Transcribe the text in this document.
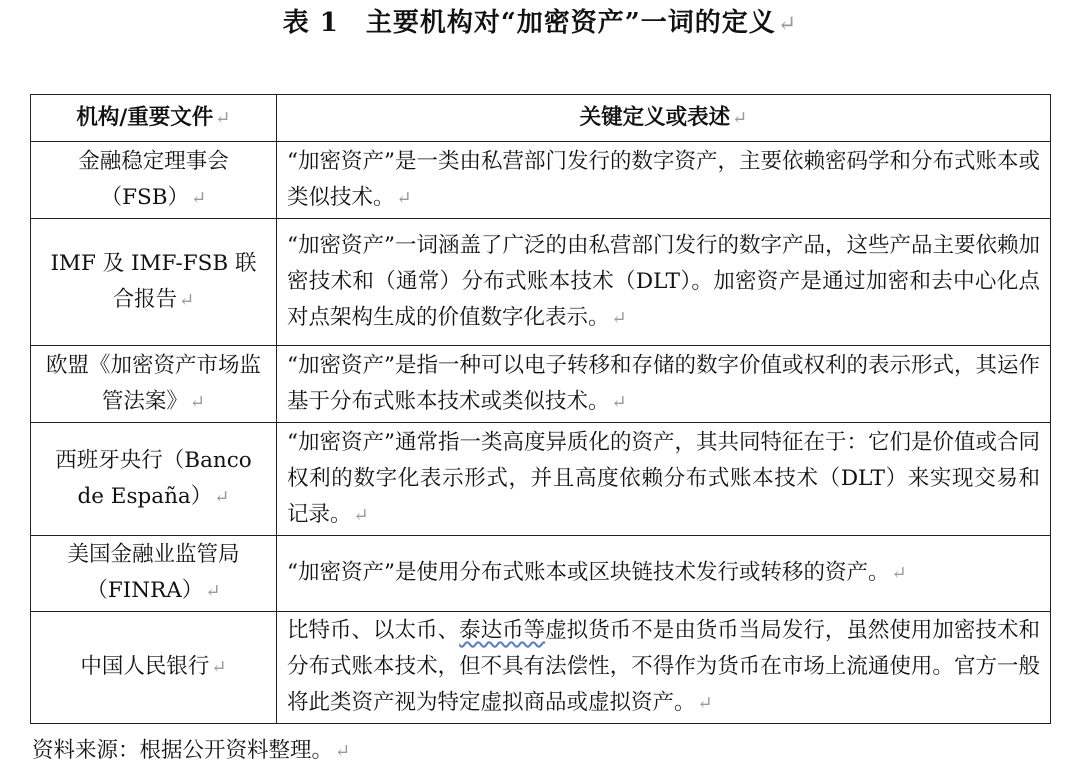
表 1　主要机构对“加密资产”一词的定义↵
机构/重要文件 ↵	关键定义或表述 ↵
金融稳定理事会（FSB） ↵	“加密资产”是一类由私营部门发行的数字资产，主要依赖密码学和分布式账本或类似技术。 ↵
IMF 及 IMF-FSB 联合报告 ↵	“加密资产”一词涵盖了广泛的由私营部门发行的数字产品，这些产品主要依赖加密技术和（通常）分布式账本技术（DLT）。加密资产是通过加密和去中心化点对点架构生成的价值数字化表示。 ↵
欧盟《加密资产市场监管法案》 ↵	“加密资产”是指一种可以电子转移和存储的数字价值或权利的表示形式，其运作基于分布式账本技术或类似技术。 ↵
西班牙央行（Banco de España） ↵	“加密资产”通常指一类高度异质化的资产，其共同特征在于：它们是价值或合同权利的数字化表示形式，并且高度依赖分布式账本技术（DLT）来实现交易和记录。 ↵
美国金融业监管局（FINRA） ↵	“加密资产”是使用分布式账本或区块链技术发行或转移的资产。 ↵
中国人民银行 ↵	比特币、以太币、泰达币等虚拟货币不是由货币当局发行，虽然使用加密技术和分布式账本技术，但不具有法偿性，不得作为货币在市场上流通使用。官方一般将此类资产视为特定虚拟商品或虚拟资产。 ↵
资料来源：根据公开资料整理。 ↵
